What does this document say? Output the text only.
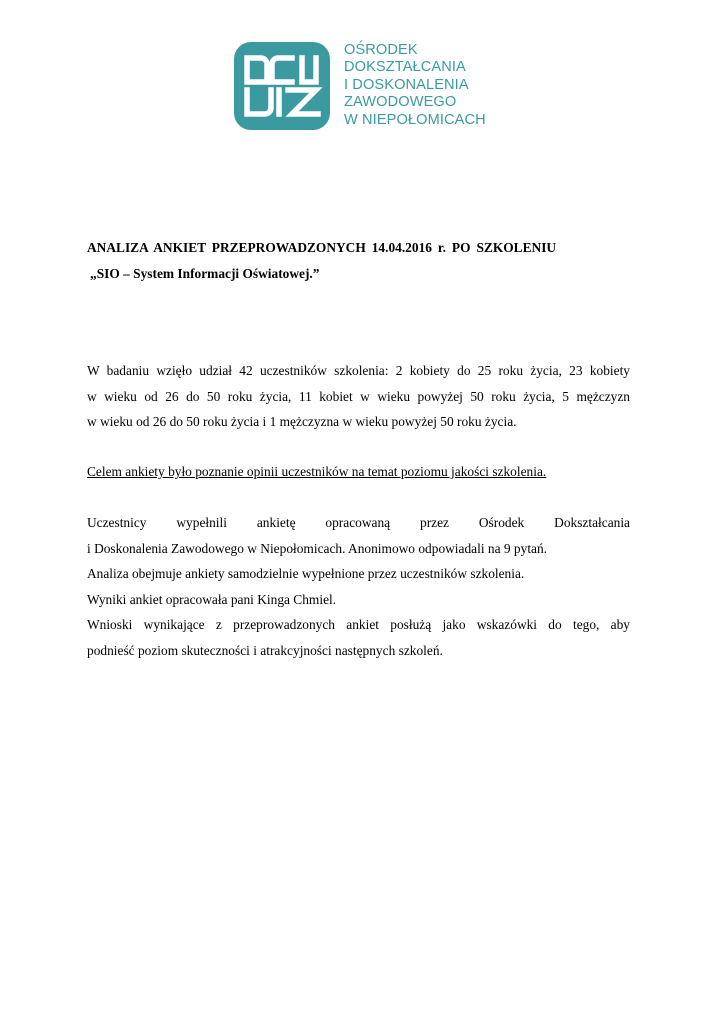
OŚRODEK
DOKSZTAŁCANIA
I DOSKONALENIA
ZAWODOWEGO
W NIEPOŁOMICACH
ANALIZA ANKIET PRZEPROWADZONYCH 14.04.2016 r. PO SZKOLENIU
„SIO – System Informacji Oświatowej.”
W badaniu wzięło udział 42 uczestników szkolenia: 2 kobiety do 25 roku życia, 23 kobiety
w wieku od 26 do 50 roku życia, 11 kobiet w wieku powyżej 50 roku życia, 5 mężczyzn
w wieku od 26 do 50 roku życia i 1 mężczyzna w wieku powyżej 50 roku życia.
Celem ankiety było poznanie opinii uczestników na temat poziomu jakości szkolenia.
Uczestnicy wypełnili ankietę opracowaną przez Ośrodek Dokształcania
i Doskonalenia Zawodowego w Niepołomicach. Anonimowo odpowiadali na 9 pytań.
Analiza obejmuje ankiety samodzielnie wypełnione przez uczestników szkolenia.
Wyniki ankiet opracowała pani Kinga Chmiel.
Wnioski wynikające z przeprowadzonych ankiet posłużą jako wskazówki do tego, aby
podnieść poziom skuteczności i atrakcyjności następnych szkoleń.
